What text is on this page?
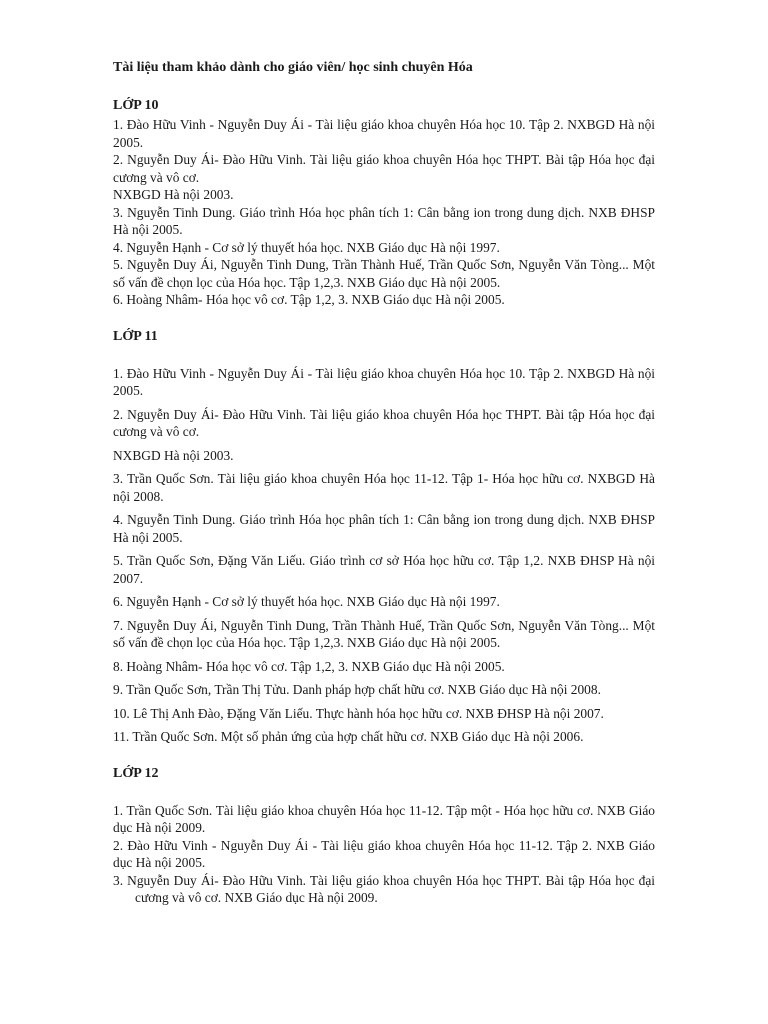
Tài liệu tham khảo dành cho giáo viên/ học sinh chuyên Hóa

LỚP 10

1. Đào Hữu Vinh - Nguyễn Duy Ái - Tài liệu giáo khoa chuyên Hóa học 10. Tập 2. NXBGD Hà nội 2005.

2. Nguyễn Duy Ái- Đào Hữu Vinh. Tài liệu giáo khoa chuyên Hóa học THPT. Bài tập Hóa học đại cương và vô cơ.

NXBGD Hà nội 2003.

3. Nguyễn Tinh Dung. Giáo trình Hóa học phân tích 1: Cân bằng ion trong dung dịch. NXB ĐHSP Hà nội 2005.

4. Nguyễn Hạnh - Cơ sở lý thuyết hóa học. NXB Giáo dục Hà nội 1997.

5. Nguyễn Duy Ái, Nguyễn Tinh Dung, Trần Thành Huế, Trần Quốc Sơn, Nguyễn Văn Tòng... Một số vấn đề chọn lọc của Hóa học. Tập 1,2,3. NXB Giáo dục Hà nội 2005.

6. Hoàng Nhâm- Hóa học vô cơ. Tập 1,2, 3. NXB Giáo dục Hà nội 2005.

LỚP 11

1. Đào Hữu Vinh - Nguyễn Duy Ái - Tài liệu giáo khoa chuyên Hóa học 10. Tập 2. NXBGD Hà nội 2005.

2. Nguyễn Duy Ái- Đào Hữu Vinh. Tài liệu giáo khoa chuyên Hóa học THPT. Bài tập Hóa học đại cương và vô cơ.

NXBGD Hà nội 2003.

3. Trần Quốc Sơn. Tài liệu giáo khoa chuyên Hóa học 11-12. Tập 1- Hóa học hữu cơ. NXBGD Hà nội 2008.

4. Nguyễn Tinh Dung. Giáo trình Hóa học phân tích 1: Cân bằng ion trong dung dịch. NXB ĐHSP Hà nội 2005.

5. Trần Quốc Sơn, Đặng Văn Liếu. Giáo trình cơ sở Hóa học hữu cơ. Tập 1,2. NXB ĐHSP Hà nội 2007.

6. Nguyễn Hạnh - Cơ sở lý thuyết hóa học. NXB Giáo dục Hà nội 1997.

7. Nguyễn Duy Ái, Nguyễn Tinh Dung, Trần Thành Huế, Trần Quốc Sơn, Nguyễn Văn Tòng... Một số vấn đề chọn lọc của Hóa học. Tập 1,2,3. NXB Giáo dục Hà nội 2005.

8. Hoàng Nhâm- Hóa học vô cơ. Tập 1,2, 3. NXB Giáo dục Hà nội 2005.

9. Trần Quốc Sơn, Trần Thị Tửu. Danh pháp hợp chất hữu cơ. NXB Giáo dục Hà nội 2008.

10. Lê Thị Anh Đào, Đặng Văn Liếu. Thực hành hóa học hữu cơ. NXB ĐHSP Hà nội 2007.

11. Trần Quốc Sơn. Một số phản ứng của hợp chất hữu cơ. NXB Giáo dục Hà nội 2006.

LỚP 12

1. Trần Quốc Sơn. Tài liệu giáo khoa chuyên Hóa học 11-12. Tập một - Hóa học hữu cơ. NXB Giáo dục Hà nội 2009.

2. Đào Hữu Vinh - Nguyễn Duy Ái - Tài liệu giáo khoa chuyên Hóa học 11-12. Tập 2. NXB Giáo dục Hà nội 2005.

3. Nguyễn Duy Ái- Đào Hữu Vinh. Tài liệu giáo khoa chuyên Hóa học THPT. Bài tập Hóa học đại cương và vô cơ. NXB Giáo dục Hà nội 2009.
